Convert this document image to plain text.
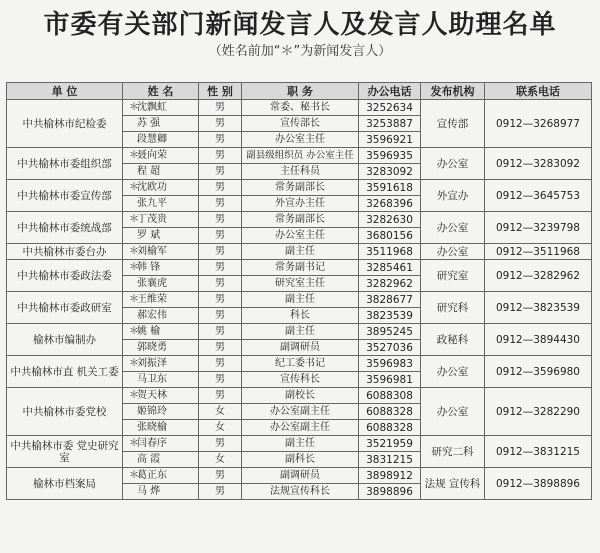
市委有关部门新闻发言人及发言人助理名单
（姓名前加“＊”为新闻发言人）
单 位	姓 名	性 别	职 务	办公电话	发布机构	联系电话
中共榆林市纪检委	＊沈飘虹	男	常委、秘书长	3252634	宣传部	0912—3268977
	苏 强	男	宣传部长	3253887		
	段慧卿	男	办公室主任	3596921		
中共榆林市委组织部	＊聂向荣	男	副县级组织员 办公室主任	3596935	办公室	0912—3283092
	程 超	男	主任科员	3283092		
中共榆林市委宣传部	＊沈欧功	男	常务副部长	3591618	外宣办	0912—3645753
	张九平	男	外宣办主任	3268396		
中共榆林市委统战部	＊丁茂贵	男	常务副部长	3282630	办公室	0912—3239798
	罗 斌	男	办公室主任	3680156		
中共榆林市委台办	＊刘榆军	男	副主任	3511968	办公室	0912—3511968
中共榆林市委政法委	＊韩 锋	男	常务副书记	3285461	研究室	0912—3282962
	张襄虎	男	研究室主任	3282962		
中共榆林市委政研室	＊王维荣	男	副主任	3828677	研究科	0912—3823539
	郝宏伟	男	科长	3823539		
榆林市编制办	＊姚 榆	男	副主任	3895245	政秘科	0912—3894430
	郭晓勇	男	副调研员	3527036		
中共榆林市直 机关工委	＊刘振泽	男	纪工委书记	3596983	办公室	0912—3596980
	马卫东	男	宣传科长	3596981		
中共榆林市委党校	＊贺天林	男	副校长	6088308	办公室	0912—3282290
	姬锦玲	女	办公室副主任	6088328		
	张晓榆	女	办公室副主任	6088328		
中共榆林市委 党史研究室	＊闫春序	男	副主任	3521959	研究二科	0912—3831215
	高 霞	女	副科长	3831215		
榆林市档案局	＊葛正东	男	副调研员	3898912	法规 宣传科	0912—3898896
	马 烨	男	法规宣传科长	3898896		
